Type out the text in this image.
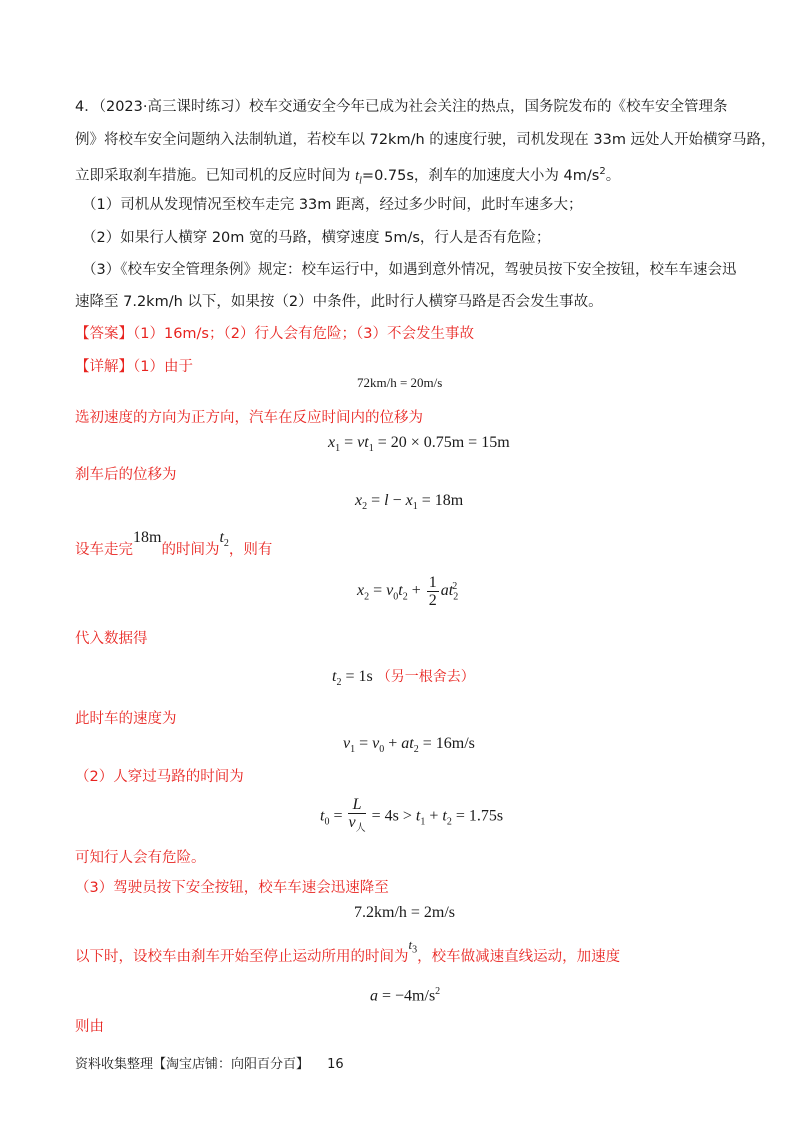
4．（2023·高三课时练习）校车交通安全今年已成为社会关注的热点，国务院发布的《校车安全管理条
例》将校车安全问题纳入法制轨道，若校车以 72km/h 的速度行驶，司机发现在 33m 远处人开始横穿马路，
立即采取刹车措施。已知司机的反应时间为 $t_l=0.75s$，刹车的加速度大小为 $4m/s^2$。
（1）司机从发现情况至校车走完 33m 距离，经过多少时间，此时车速多大；
（2）如果行人横穿 20m 宽的马路，横穿速度 5m/s，行人是否有危险；
（3）《校车安全管理条例》规定：校车运行中，如遇到意外情况，驾驶员按下安全按钮，校车车速会迅
速降至 7.2km/h 以下，如果按（2）中条件，此时行人横穿马路是否会发生事故。
【答案】（1）16m/s；（2）行人会有危险；（3）不会发生事故
【详解】（1）由于
72km/h = 20m/s
选初速度的方向为正方向，汽车在反应时间内的位移为
$x_1 = vt_1 = 20 \times 0.75m = 15m$
刹车后的位移为
$x_2 = l - x_1 = 18m$
设车走完18m的时间为$t_2$，则有
$x_2 = v_0t_2 + \frac{1}{2} at_2^2$
代入数据得
$t_2 = 1s$ （另一根舍去）
此时车的速度为
$v_1 = v_0 + at_2 = 16m/s$
（2）人穿过马路的时间为
$t_0 = \frac{L}{v_人} = 4s > t_1 + t_2 = 1.75s$
可知行人会有危险。
（3）驾驶员按下安全按钮，校车车速会迅速降至
7.2km/h = 2m/s
以下时，设校车由刹车开始至停止运动所用的时间为$t_3$，校车做减速直线运动，加速度
$a = -4m/s^2$
则由
资料收集整理【淘宝店铺：向阳百分百】 16
